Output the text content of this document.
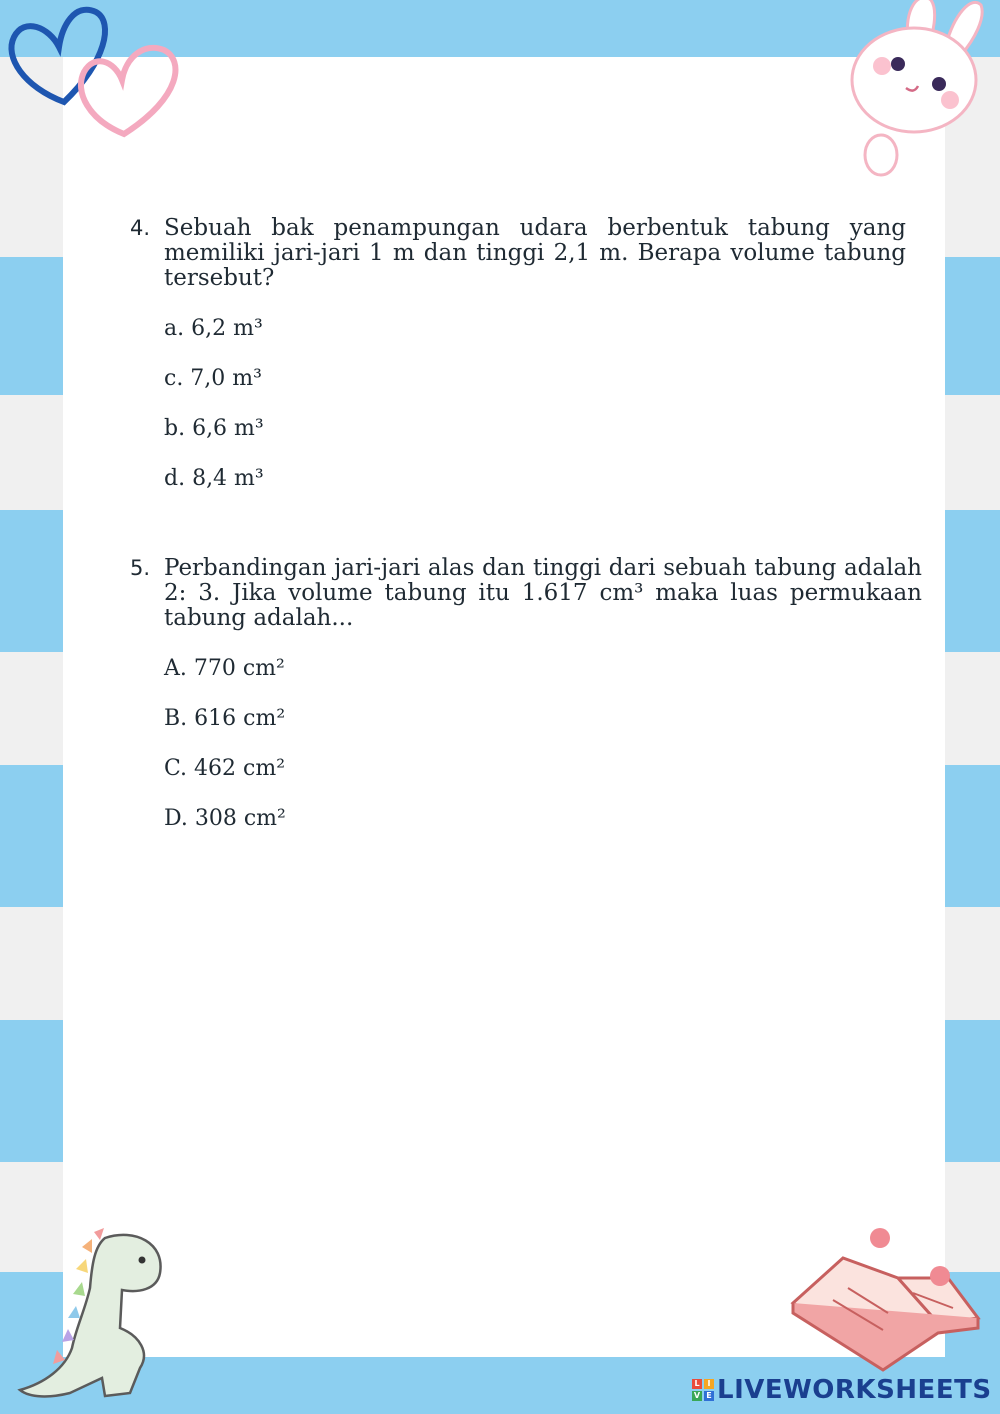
4. Sebuah bak penampungan udara berbentuk tabung yang memiliki jari-jari 1 m dan tinggi 2,1 m. Berapa volume tabung tersebut?
a. 6,2 m³
c. 7,0 m³
b. 6,6 m³
d. 8,4 m³
5. Perbandingan jari-jari alas dan tinggi dari sebuah tabung adalah 2: 3. Jika volume tabung itu 1.617 cm³ maka luas permukaan tabung adalah...
A. 770 cm²
B. 616 cm²
C. 462 cm²
D. 308 cm²
L I
V E LIVEWORKSHEETS
